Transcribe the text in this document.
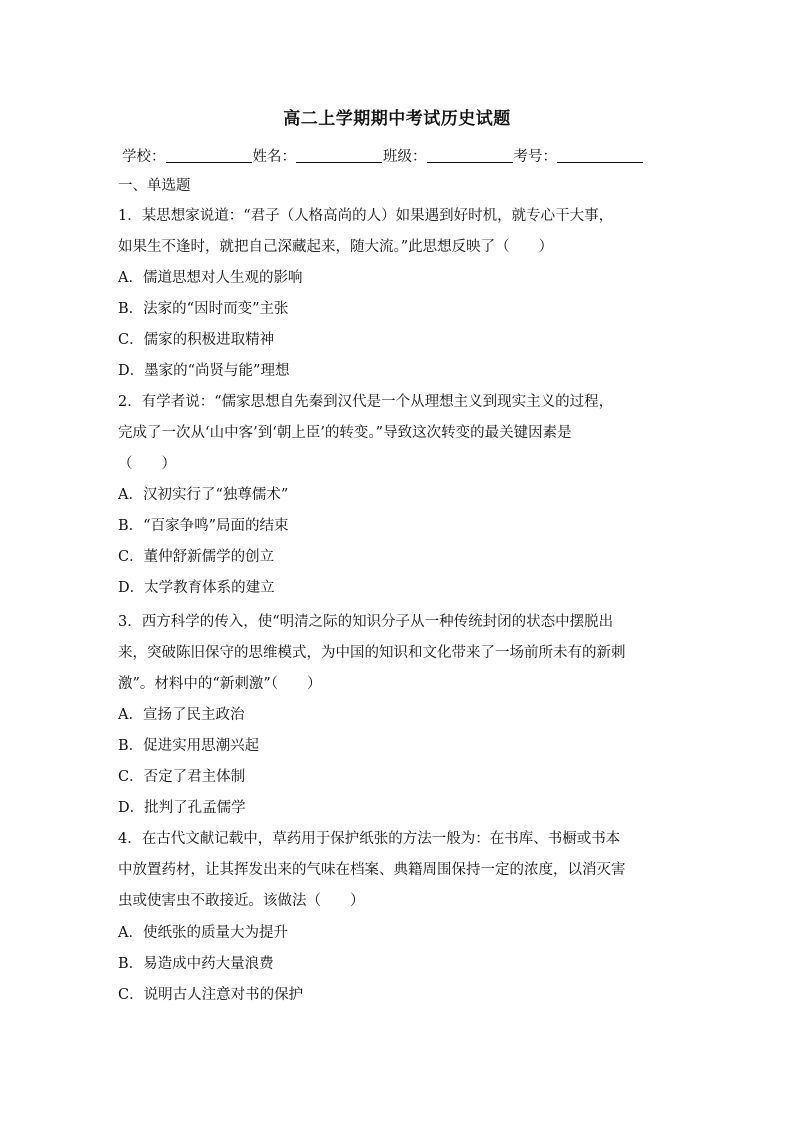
高二上学期期中考试历史试题
学校：	姓名：	班级：	考号：
一、单选题
1．某思想家说道：“君子（人格高尚的人）如果遇到好时机，就专心干大事，
如果生不逢时，就把自己深藏起来，随大流。”此思想反映了（　　）
A．儒道思想对人生观的影响
B．法家的“因时而变”主张
C．儒家的积极进取精神
D．墨家的“尚贤与能”理想
2．有学者说：“儒家思想自先秦到汉代是一个从理想主义到现实主义的过程，
完成了一次从‘山中客’到‘朝上臣’的转变。”导致这次转变的最关键因素是
（　　）
A．汉初实行了“独尊儒术”
B．“百家争鸣”局面的结束
C．董仲舒新儒学的创立
D．太学教育体系的建立
3．西方科学的传入，使“明清之际的知识分子从一种传统封闭的状态中摆脱出
来，突破陈旧保守的思维模式，为中国的知识和文化带来了一场前所未有的新刺
激”。材料中的“新刺激”（　　）
A．宣扬了民主政治
B．促进实用思潮兴起
C．否定了君主体制
D．批判了孔孟儒学
4．在古代文献记载中，草药用于保护纸张的方法一般为：在书库、书橱或书本
中放置药材，让其挥发出来的气味在档案、典籍周围保持一定的浓度，以消灭害
虫或使害虫不敢接近。该做法（　　）
A．使纸张的质量大为提升
B．易造成中药大量浪费
C．说明古人注意对书的保护
